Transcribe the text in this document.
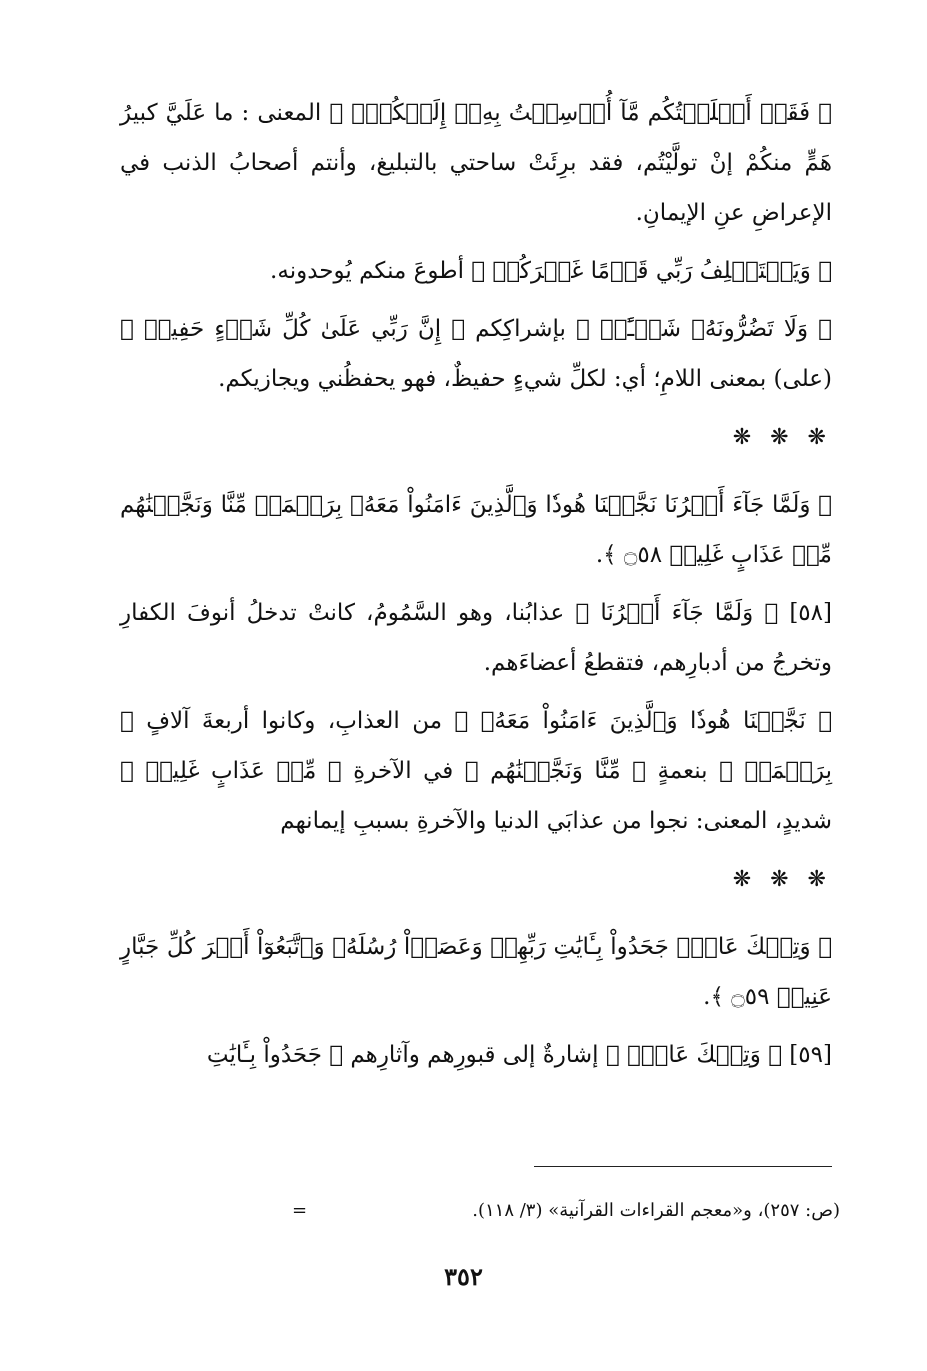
﴿ فَقَدۡ أَبۡلَغۡتُكُم مَّآ أُرۡسِلۡتُ بِهِۦٓ إِلَيۡكُمۡۚ ﴾ المعنى : ما عَلَيَّ كبيرُ هَمٍّ منكُمْ إنْ تولَّيْتُم، فقد برِئَتْ ساحتي بالتبليغ، وأنتم أصحابُ الذنب في الإعراضِ عنِ الإيمانِ.

﴿ وَيَسۡتَخۡلِفُ رَبِّي قَوۡمًا غَيۡرَكُمۡ ﴾ أطوعَ منكم يُوحدونه.

﴿ وَلَا تَضُرُّونَهُۥ شَيۡـًٔاۚ ﴾ بإشراكِكم ﴿ إِنَّ رَبِّي عَلَىٰ كُلِّ شَيۡءٍ حَفِيظٞ ﴾ (على) بمعنى اللامِ؛ أي: لكلِّ شيءٍ حفيظٌ، فهو يحفظُني ويجازيكم.

❋ ❋ ❋

﴿ وَلَمَّا جَآءَ أَمۡرُنَا نَجَّيۡنَا هُودٗا وَٱلَّذِينَ ءَامَنُواْ مَعَهُۥ بِرَحۡمَةٖ مِّنَّا وَنَجَّيۡنَٰهُم مِّنۡ عَذَابٍ غَلِيظٖ ۝٥٨ ﴾.

[٥٨] ﴿ وَلَمَّا جَآءَ أَمۡرُنَا ﴾ عذابُنا، وهو السَّمُومُ، كانتْ تدخلُ أنوفَ الكفارِ وتخرجُ من أدبارِهم، فتقطعُ أعضاءَهم.

﴿ نَجَّيۡنَا هُودٗا وَٱلَّذِينَ ءَامَنُواْ مَعَهُۥ ﴾ من العذابِ، وكانوا أربعةَ آلافٍ ﴿ بِرَحۡمَةٖ ﴾ بنعمةٍ ﴿ مِّنَّا وَنَجَّيۡنَٰهُم ﴾ في الآخرةِ ﴿ مِّنۡ عَذَابٍ غَلِيظٖ ﴾ شديدٍ، المعنى: نجوا من عذابَي الدنيا والآخرةِ بسببِ إيمانهم

❋ ❋ ❋

﴿ وَتِلۡكَ عَادٞۖ جَحَدُواْ بِـَٔايَٰتِ رَبِّهِمۡ وَعَصَوۡاْ رُسُلَهُۥ وَٱتَّبَعُوٓاْ أَمۡرَ كُلِّ جَبَّارٍ عَنِيدٖ ۝٥٩ ﴾.

[٥٩] ﴿ وَتِلۡكَ عَادٞۖ ﴾ إشارةٌ إلى قبورِهم وآثارِهم ﴿ جَحَدُواْ بِـَٔايَٰتِ

=	(ص: ٢٥٧)، و«معجم القراءات القرآنية» (٣/ ١١٨).
٣٥٢
